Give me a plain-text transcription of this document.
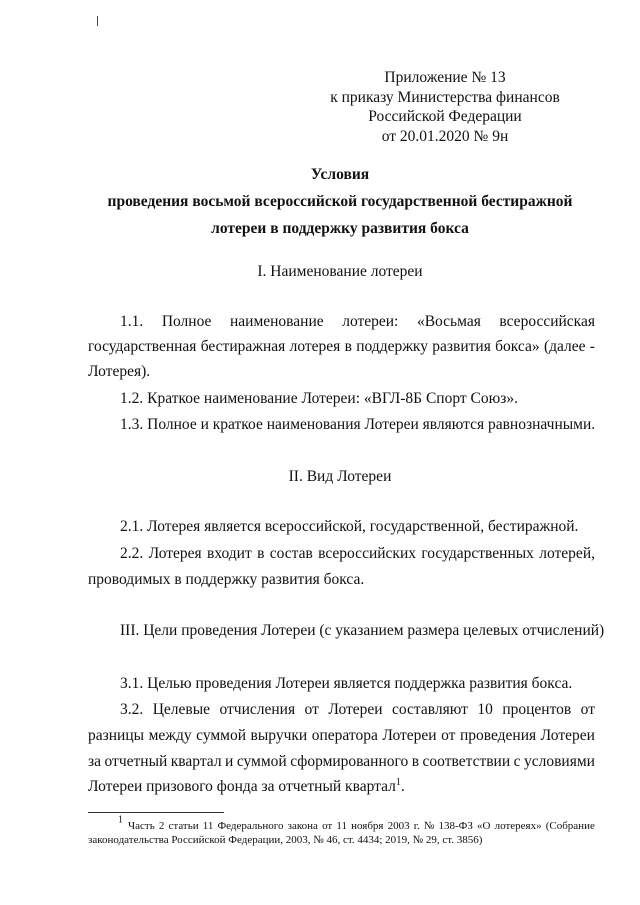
Приложение № 13
к приказу Министерства финансов
Российской Федерации
от 20.01.2020 № 9н
Условия
проведения восьмой всероссийской государственной бестиражной
лотереи в поддержку развития бокса
I. Наименование лотереи
1.1. Полное наименование лотереи: «Восьмая всероссийская
государственная бестиражная лотерея в поддержку развития бокса» (далее -
Лотерея).
1.2. Краткое наименование Лотереи: «ВГЛ-8Б Спорт Союз».
1.3. Полное и краткое наименования Лотереи являются равнозначными.
II. Вид Лотереи
2.1. Лотерея является всероссийской, государственной, бестиражной.
2.2. Лотерея входит в состав всероссийских государственных лотерей,
проводимых в поддержку развития бокса.
III. Цели проведения Лотереи (с указанием размера целевых отчислений)
3.1. Целью проведения Лотереи является поддержка развития бокса.
3.2. Целевые отчисления от Лотереи составляют 10 процентов от
разницы между суммой выручки оператора Лотереи от проведения Лотереи
за отчетный квартал и суммой сформированного в соответствии с условиями
Лотереи призового фонда за отчетный квартал$^1$.
$^1$
Часть 2 статьи 11 Федерального закона от 11 ноября 2003 г. № 138-ФЗ «О лотереях» (Собрание
законодательства Российской Федерации, 2003, № 46, ст. 4434; 2019, № 29, ст. 3856)
